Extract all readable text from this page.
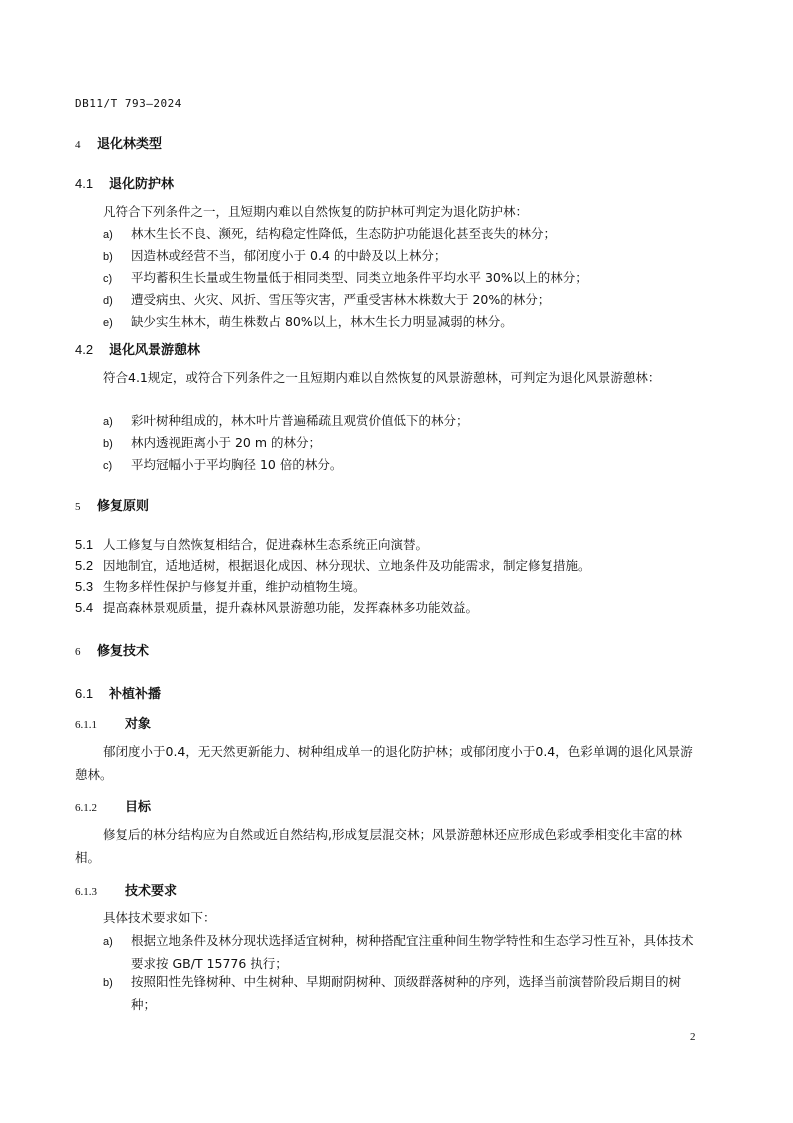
DB11/T 793—2024
4 退化林类型
4.1 退化防护林
凡符合下列条件之一，且短期内难以自然恢复的防护林可判定为退化防护林：
a) 林木生长不良、濒死，结构稳定性降低，生态防护功能退化甚至丧失的林分；
b) 因造林或经营不当，郁闭度小于 0.4 的中龄及以上林分；
c) 平均蓄积生长量或生物量低于相同类型、同类立地条件平均水平 30%以上的林分；
d) 遭受病虫、火灾、风折、雪压等灾害，严重受害林木株数大于 20%的林分；
e) 缺少实生林木，萌生株数占 80%以上，林木生长力明显减弱的林分。
4.2 退化风景游憩林
符合4.1规定，或符合下列条件之一且短期内难以自然恢复的风景游憩林，可判定为退化风景游憩林：
a) 彩叶树种组成的，林木叶片普遍稀疏且观赏价值低下的林分；
b) 林内透视距离小于 20 m 的林分；
c) 平均冠幅小于平均胸径 10 倍的林分。
5 修复原则
5.1 人工修复与自然恢复相结合，促进森林生态系统正向演替。
5.2 因地制宜，适地适树，根据退化成因、林分现状、立地条件及功能需求，制定修复措施。
5.3 生物多样性保护与修复并重，维护动植物生境。
5.4 提高森林景观质量，提升森林风景游憩功能，发挥森林多功能效益。
6 修复技术
6.1 补植补播
6.1.1 对象
郁闭度小于0.4，无天然更新能力、树种组成单一的退化防护林；或郁闭度小于0.4，色彩单调的退化风景游憩林。
6.1.2 目标
修复后的林分结构应为自然或近自然结构,形成复层混交林；风景游憩林还应形成色彩或季相变化丰富的林相。
6.1.3 技术要求
具体技术要求如下：
a) 根据立地条件及林分现状选择适宜树种，树种搭配宜注重种间生物学特性和生态学习性互补，具体技术要求按 GB/T 15776 执行；
b) 按照阳性先锋树种、中生树种、早期耐阴树种、顶级群落树种的序列，选择当前演替阶段后期目的树种；
2
